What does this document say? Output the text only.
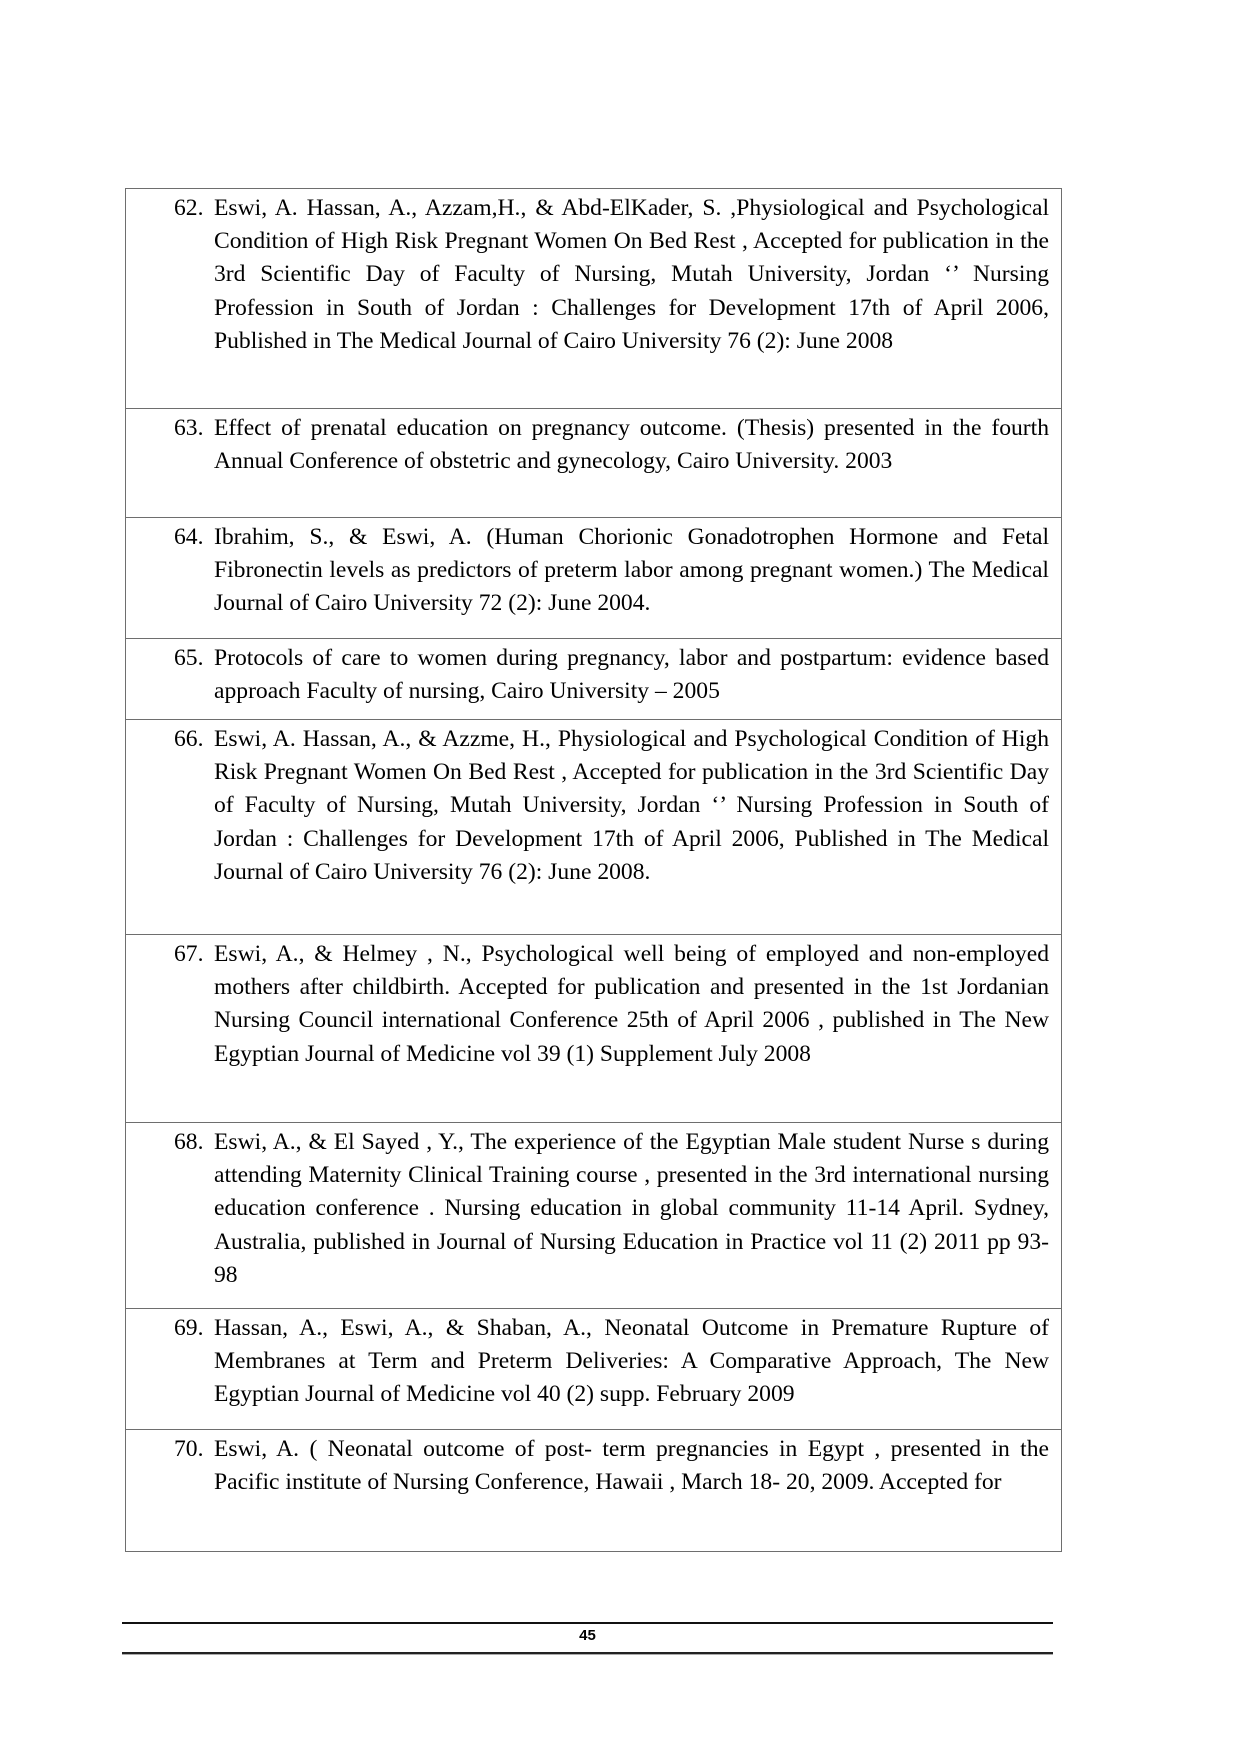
62. Eswi, A. Hassan, A., Azzam,H., & Abd-ElKader, S. ,Physiological and Psychological Condition of High Risk Pregnant Women On Bed Rest , Accepted for publication in the 3rd Scientific Day of Faculty of Nursing, Mutah University, Jordan ‘’ Nursing Profession in South of Jordan : Challenges for Development 17th of April 2006, Published in The Medical Journal of Cairo University 76 (2): June 2008

63. Effect of prenatal education on pregnancy outcome. (Thesis) presented in the fourth Annual Conference of obstetric and gynecology, Cairo University. 2003

64. Ibrahim, S., & Eswi, A. (Human Chorionic Gonadotrophen Hormone and Fetal Fibronectin levels as predictors of preterm labor among pregnant women.) The Medical Journal of Cairo University 72 (2): June 2004.

65. Protocols of care to women during pregnancy, labor and postpartum: evidence based approach Faculty of nursing, Cairo University – 2005

66. Eswi, A. Hassan, A., & Azzme, H., Physiological and Psychological Condition of High Risk Pregnant Women On Bed Rest , Accepted for publication in the 3rd Scientific Day of Faculty of Nursing, Mutah University, Jordan ‘’ Nursing Profession in South of Jordan : Challenges for Development 17th of April 2006, Published in The Medical Journal of Cairo University 76 (2): June 2008.

67. Eswi, A., & Helmey , N., Psychological well being of employed and non-employed mothers after childbirth. Accepted for publication and presented in the 1st Jordanian Nursing Council international Conference 25th of April 2006 , published in The New Egyptian Journal of Medicine vol 39 (1) Supplement July 2008

68. Eswi, A., & El Sayed , Y., The experience of the Egyptian Male student Nurse s during attending Maternity Clinical Training course , presented in the 3rd international nursing education conference . Nursing education in global community 11-14 April. Sydney, Australia, published in Journal of Nursing Education in Practice vol 11 (2) 2011 pp 93-98

69. Hassan, A., Eswi, A., & Shaban, A., Neonatal Outcome in Premature Rupture of Membranes at Term and Preterm Deliveries: A Comparative Approach, The New Egyptian Journal of Medicine vol 40 (2) supp. February 2009

70. Eswi, A. ( Neonatal outcome of post- term pregnancies in Egypt , presented in the Pacific institute of Nursing Conference, Hawaii , March 18- 20, 2009. Accepted for
45
